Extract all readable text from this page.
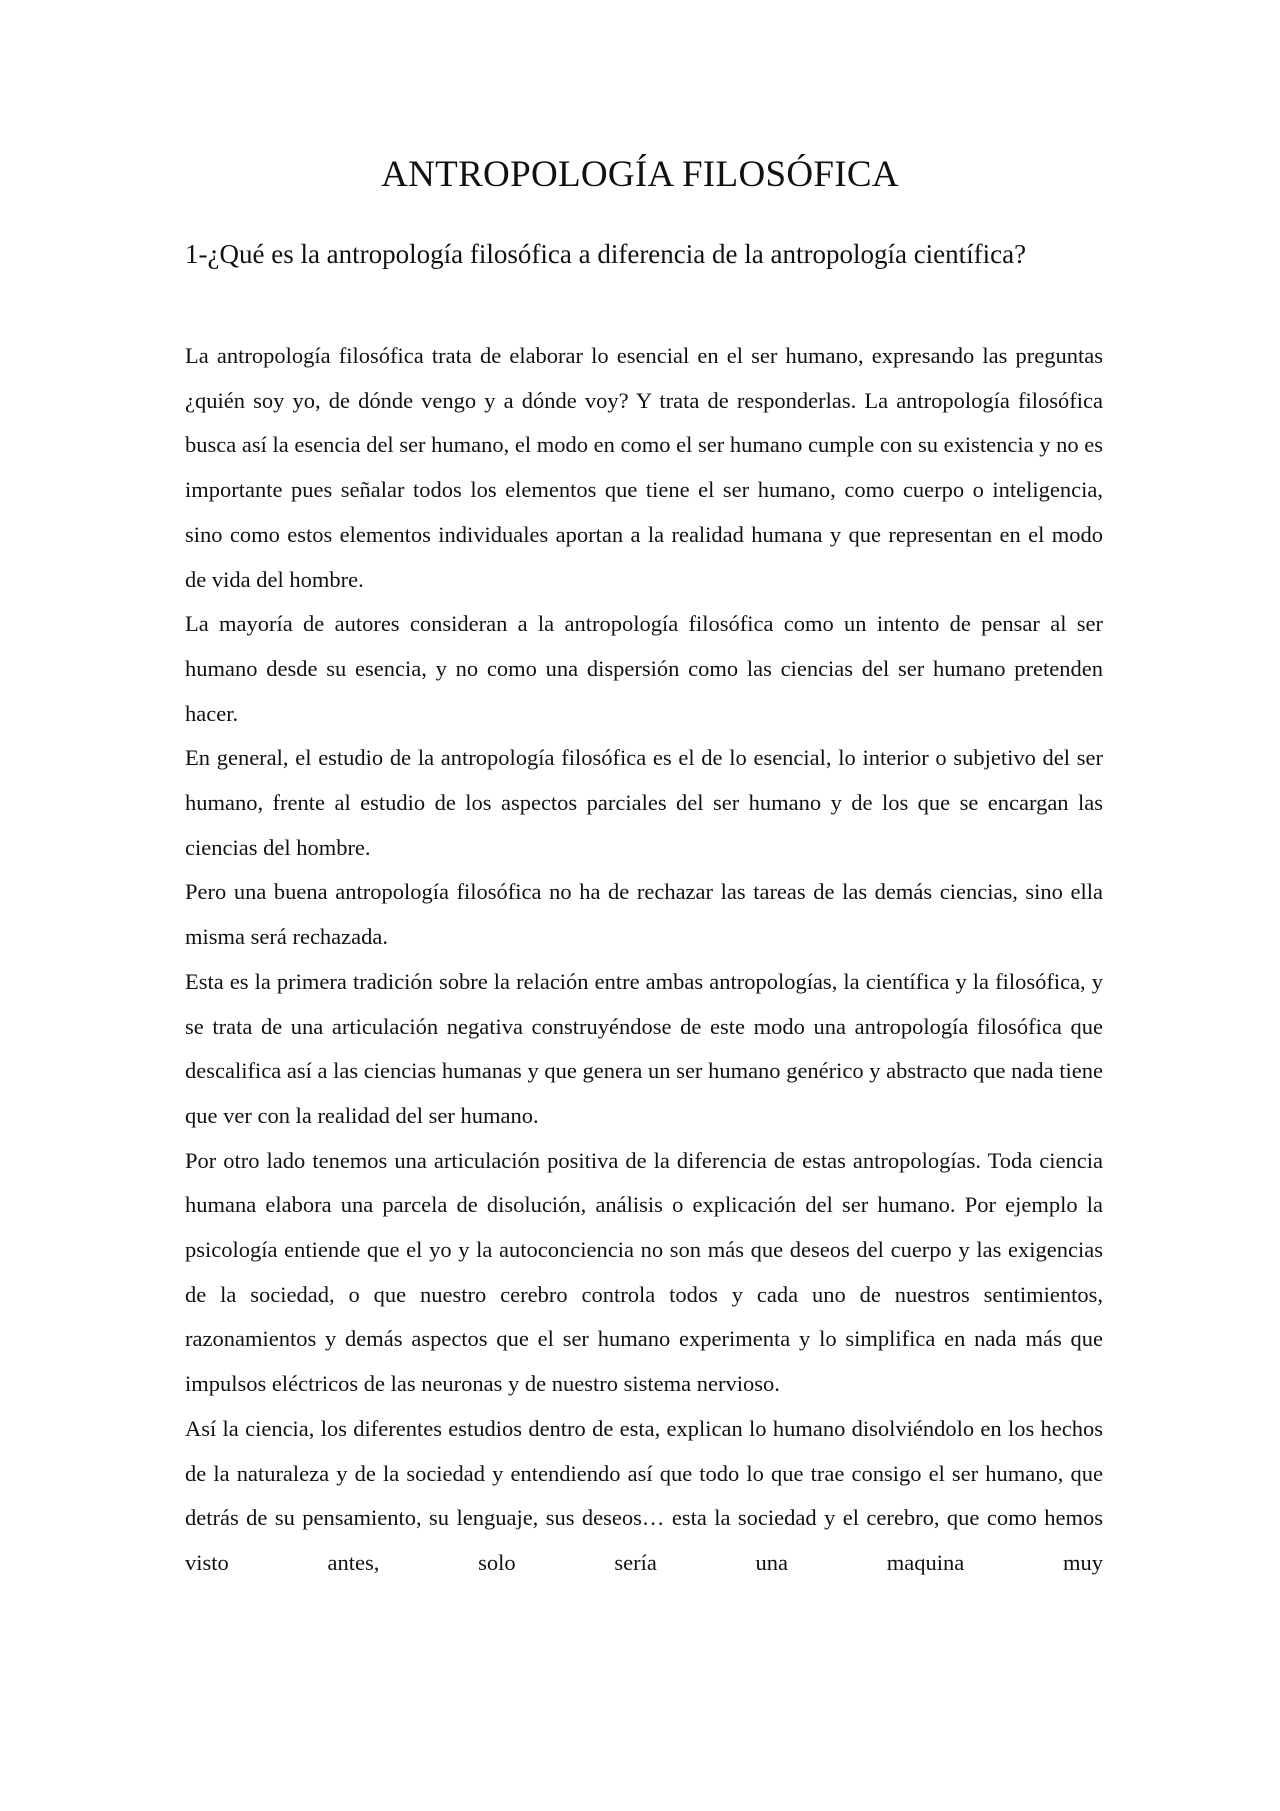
ANTROPOLOGÍA FILOSÓFICA
1-¿Qué es la antropología filosófica a diferencia de la antropología científica?

La antropología filosófica trata de elaborar lo esencial en el ser humano, expresando las preguntas ¿quién soy yo, de dónde vengo y a dónde voy? Y trata de responderlas. La antropología filosófica busca así la esencia del ser humano, el modo en como el ser humano cumple con su existencia y no es importante pues señalar todos los elementos que tiene el ser humano, como cuerpo o inteligencia, sino como estos elementos individuales aportan a la realidad humana y que representan en el modo de vida del hombre.

La mayoría de autores consideran a la antropología filosófica como un intento de pensar al ser humano desde su esencia, y no como una dispersión como las ciencias del ser humano pretenden hacer.

En general, el estudio de la antropología filosófica es el de lo esencial, lo interior o subjetivo del ser humano, frente al estudio de los aspectos parciales del ser humano y de los que se encargan las ciencias del hombre.

Pero una buena antropología filosófica no ha de rechazar las tareas de las demás ciencias, sino ella misma será rechazada.

Esta es la primera tradición sobre la relación entre ambas antropologías, la científica y la filosófica, y se trata de una articulación negativa construyéndose de este modo una antropología filosófica que descalifica así a las ciencias humanas y que genera un ser humano genérico y abstracto que nada tiene que ver con la realidad del ser humano.

Por otro lado tenemos una articulación positiva de la diferencia de estas antropologías. Toda ciencia humana elabora una parcela de disolución, análisis o explicación del ser humano. Por ejemplo la psicología entiende que el yo y la autoconciencia no son más que deseos del cuerpo y las exigencias de la sociedad, o que nuestro cerebro controla todos y cada uno de nuestros sentimientos, razonamientos y demás aspectos que el ser humano experimenta y lo simplifica en nada más que impulsos eléctricos de las neuronas y de nuestro sistema nervioso.

Así la ciencia, los diferentes estudios dentro de esta, explican lo humano disolviéndolo en los hechos de la naturaleza y de la sociedad y entendiendo así que todo lo que trae consigo el ser humano, que detrás de su pensamiento, su lenguaje, sus deseos… esta la sociedad y el cerebro, que como hemos visto antes, solo sería una maquina muy
